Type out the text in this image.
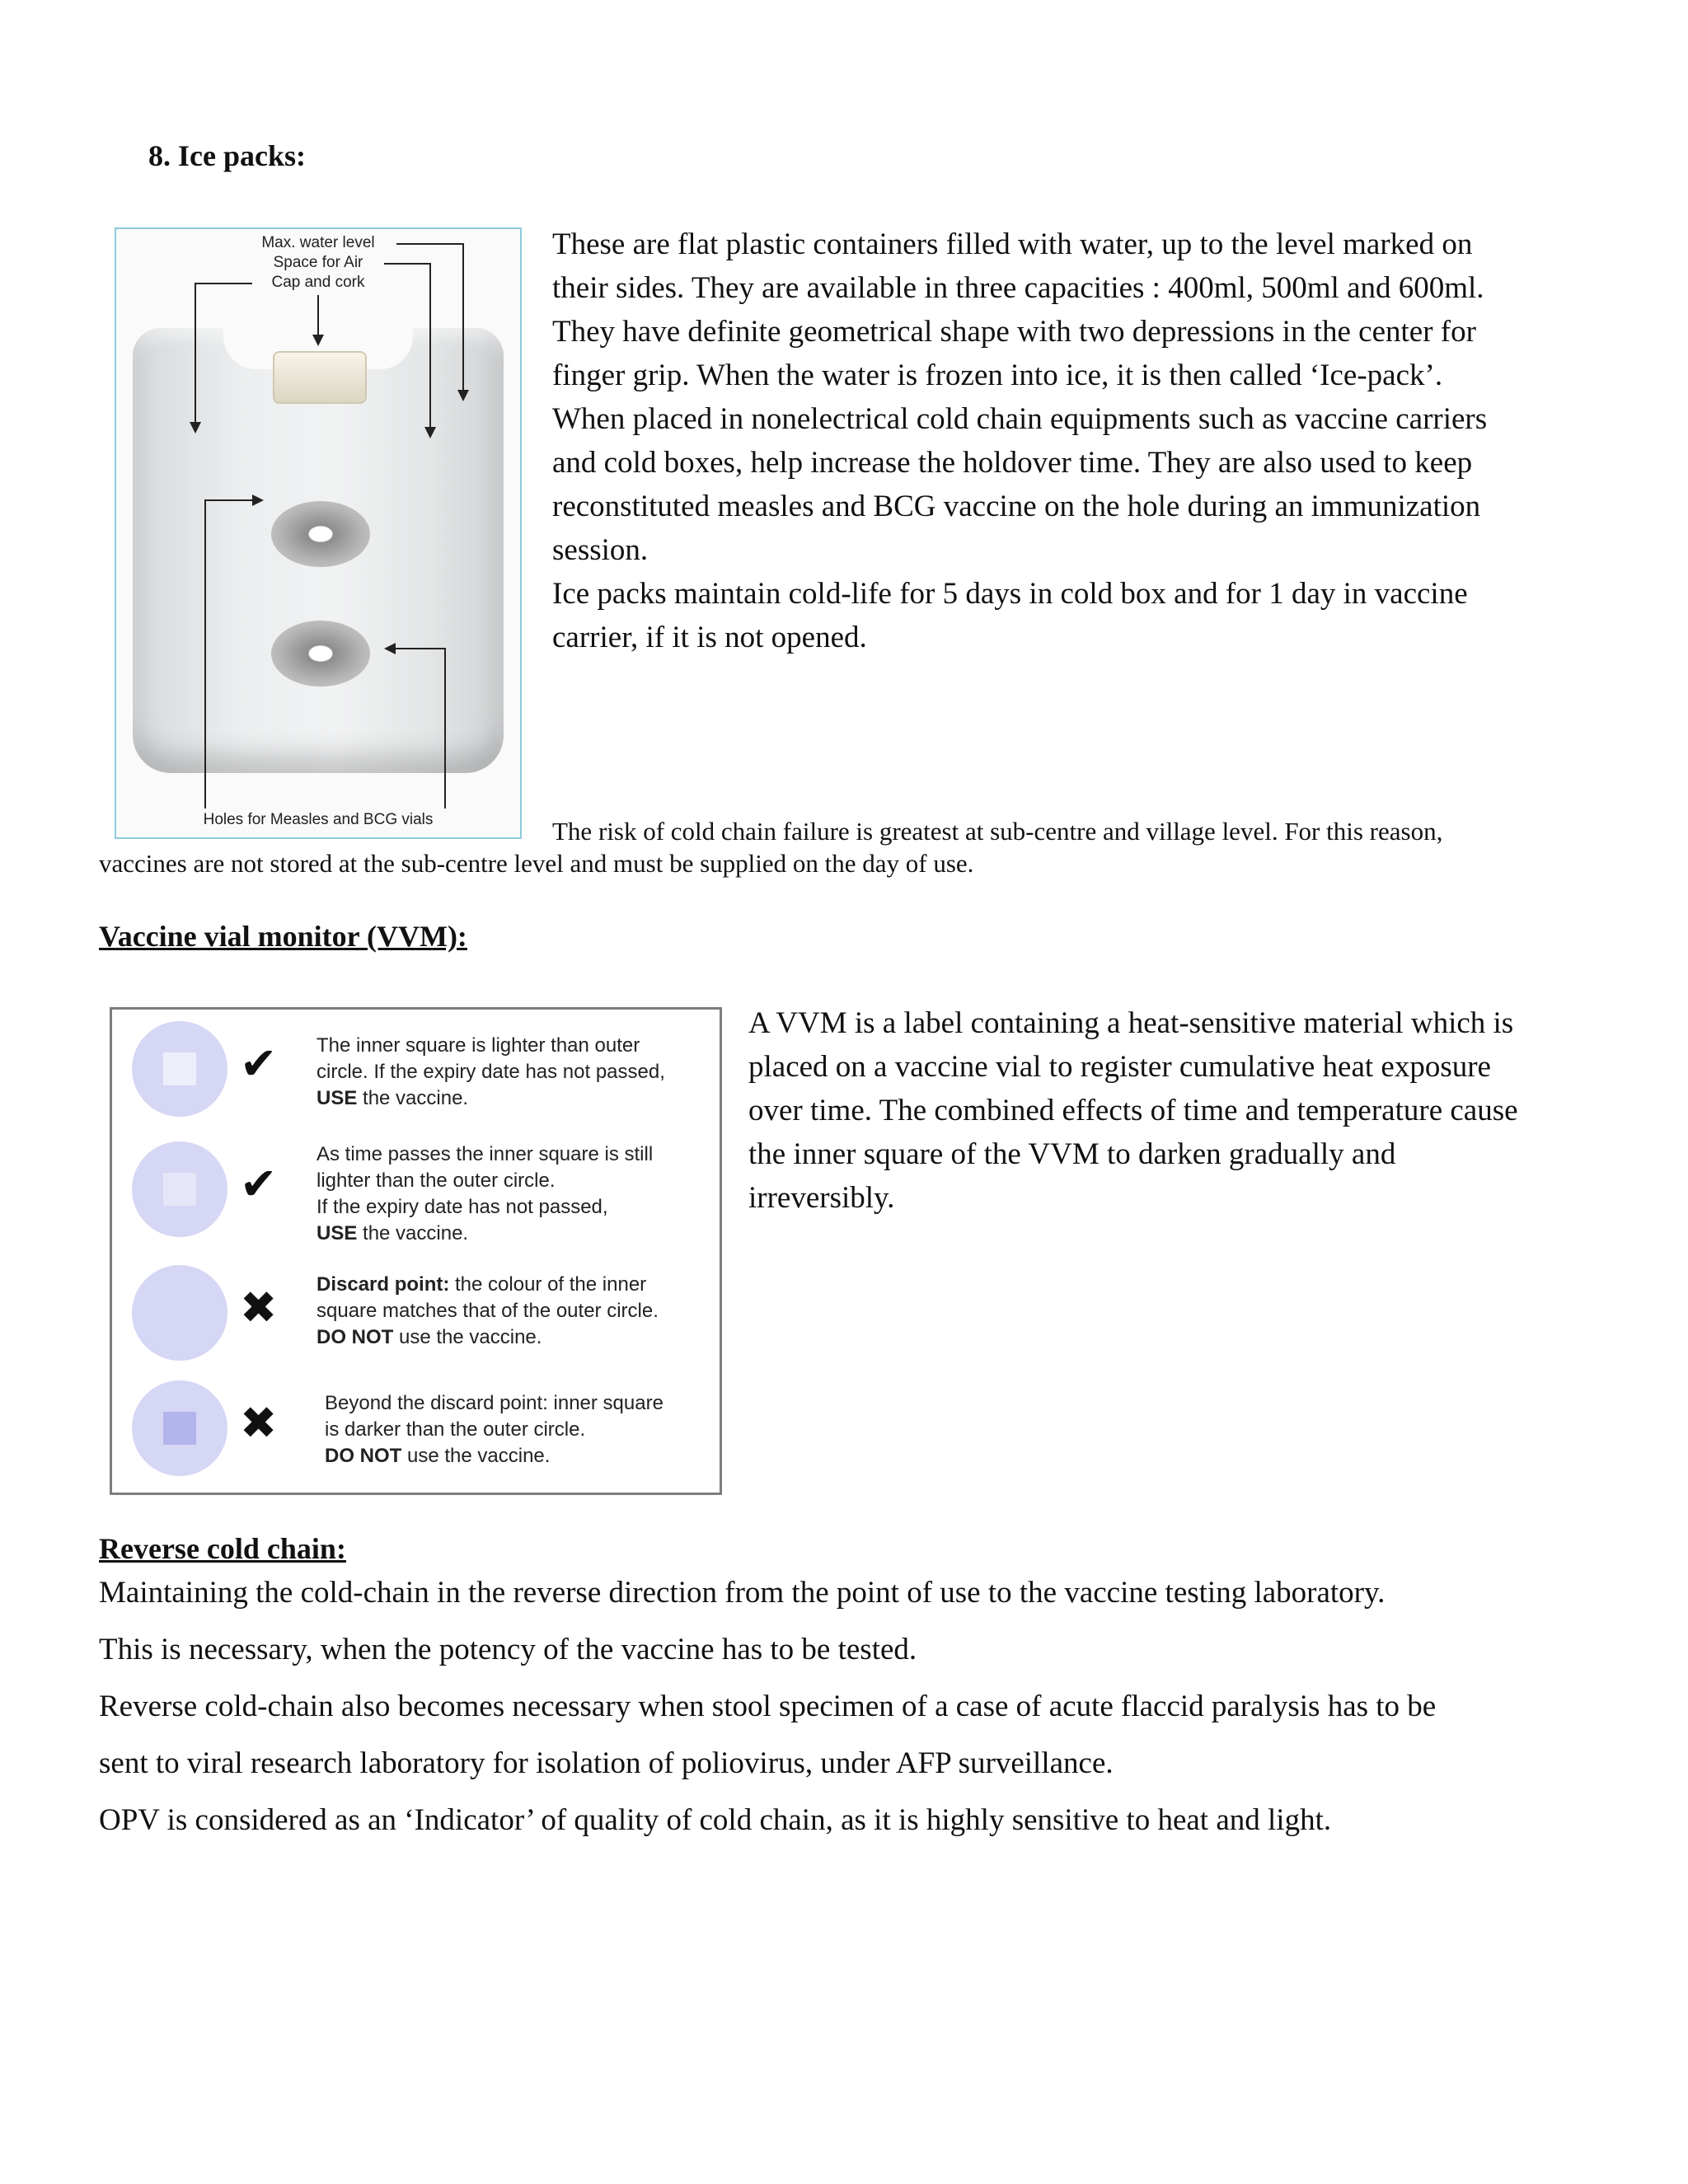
8. Ice packs:
Max. water level
Space for Air
Cap and cork
Holes for Measles and BCG vials
These are flat plastic containers filled with water, up to the level marked on
their sides. They are available in three capacities : 400ml, 500ml and 600ml.
They have definite geometrical shape with two depressions in the center for
finger grip. When the water is frozen into ice, it is then called ‘Ice-pack’.
When placed in nonelectrical cold chain equipments such as vaccine carriers
and cold boxes, help increase the holdover time. They are also used to keep
reconstituted measles and BCG vaccine on the hole during an immunization
session.
Ice packs maintain cold-life for 5 days in cold box and for 1 day in vaccine
carrier, if it is not opened.
The risk of cold chain failure is greatest at sub-centre and village level. For this reason,
vaccines are not stored at the sub-centre level and must be supplied on the day of use.
Vaccine vial monitor (VVM):
✔ The inner square is lighter than outer
circle. If the expiry date has not passed,
USE the vaccine.
✔
As time passes the inner square is still
lighter than the outer circle.
If the expiry date has not passed,
USE the vaccine.
✖ Discard point: the colour of the inner
square matches that of the outer circle.
DO NOT use the vaccine.
✖ Beyond the discard point: inner square
is darker than the outer circle.
DO NOT use the vaccine.
A VVM is a label containing a heat-sensitive material which is
placed on a vaccine vial to register cumulative heat exposure
over time. The combined effects of time and temperature cause
the inner square of the VVM to darken gradually and
irreversibly.
Reverse cold chain:
Maintaining the cold-chain in the reverse direction from the point of use to the vaccine testing laboratory.
This is necessary, when the potency of the vaccine has to be tested.
Reverse cold-chain also becomes necessary when stool specimen of a case of acute flaccid paralysis has to be
sent to viral research laboratory for isolation of poliovirus, under AFP surveillance.
OPV is considered as an ‘Indicator’ of quality of cold chain, as it is highly sensitive to heat and light.
